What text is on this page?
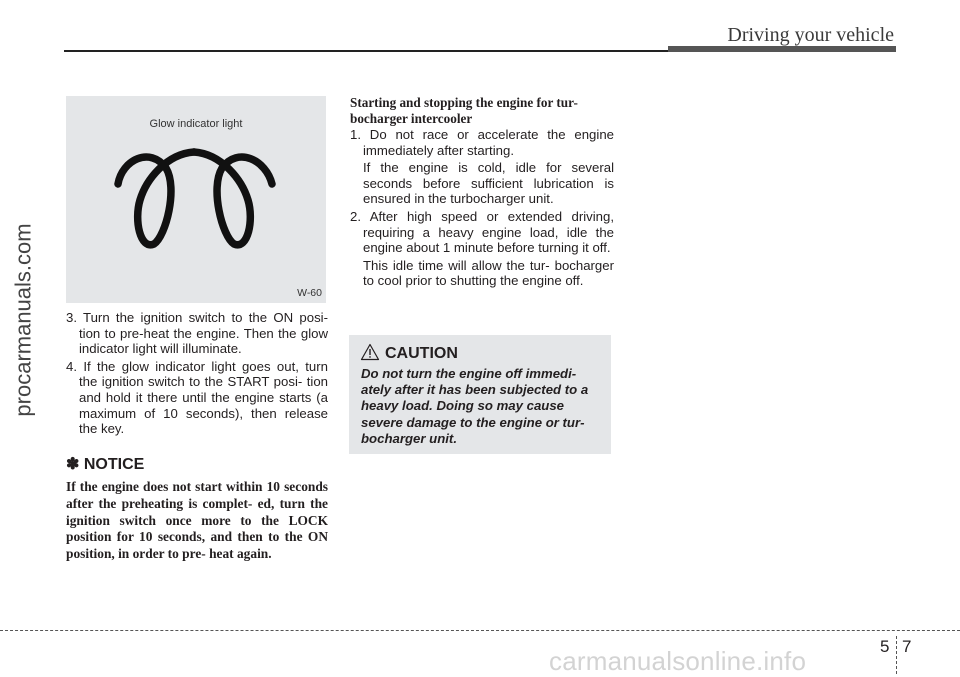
Driving your vehicle
procarmanuals.com
Glow indicator light
W-60

3. Turn the ignition switch to the ON posi- tion to pre-heat the engine. Then the glow indicator light will illuminate.

4. If the glow indicator light goes out, turn the ignition switch to the START posi- tion and hold it there until the engine starts (a maximum of 10 seconds), then release the key.

✽ NOTICE

If the engine does not start within 10 seconds after the preheating is complet- ed, turn the ignition switch once more to the LOCK position for 10 seconds, and then to the ON position, in order to pre- heat again.

Starting and stopping the engine for tur- bocharger intercooler

1. Do not race or accelerate the engine immediately after starting.

If the engine is cold, idle for several seconds before sufficient lubrication is ensured in the turbocharger unit.

2. After high speed or extended driving, requiring a heavy engine load, idle the engine about 1 minute before turning it off.

This idle time will allow the tur- bocharger to cool prior to shutting the engine off.

CAUTION

Do not turn the engine off immedi- ately after it has been subjected to a heavy load. Doing so may cause severe damage to the engine or tur- bocharger unit.

5 7
carmanualsonline.info
